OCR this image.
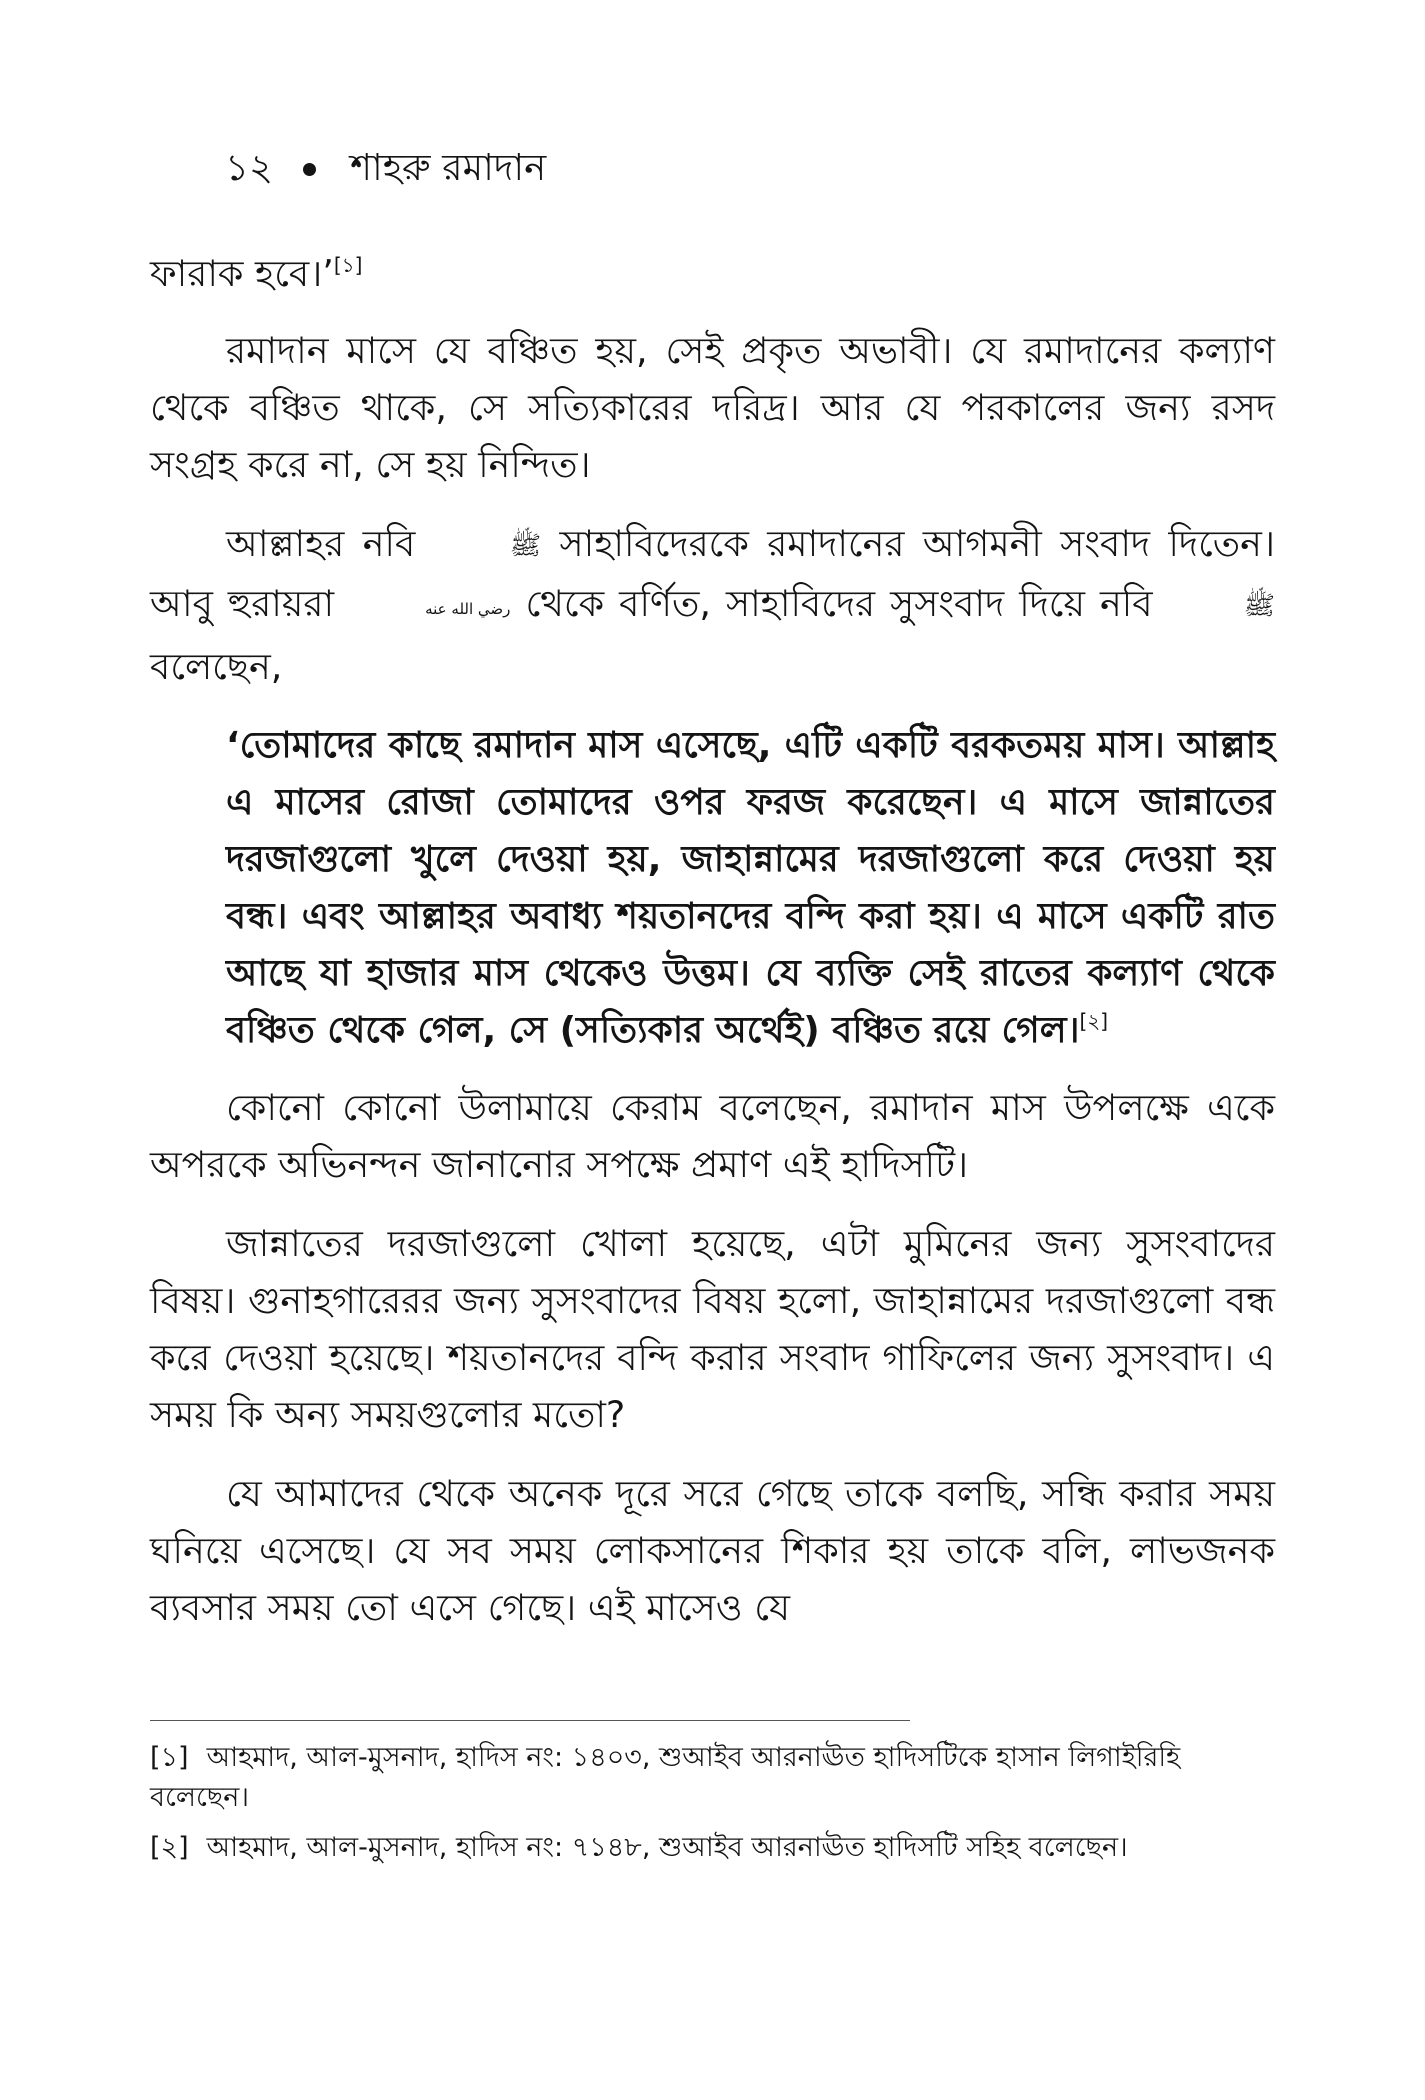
১২ শাহরু রমাদান

ফারাক হবে।’[১]

রমাদান মাসে যে বঞ্চিত হয়, সেই প্রকৃত অভাবী। যে রমাদানের কল্যাণ থেকে বঞ্চিত থাকে, সে সত্যিকারের দরিদ্র। আর যে পরকালের জন্য রসদ সংগ্রহ করে না, সে হয় নিন্দিত।

আল্লাহর নবি	ﷺ সাহাবিদেরকে রমাদানের আগমনী সংবাদ দিতেন। আবু হুরায়রা	رضي الله عنه থেকে বর্ণিত, সাহাবিদের সুসংবাদ দিয়ে নবি	ﷺ বলেছেন,

‘তোমাদের কাছে রমাদান মাস এসেছে, এটি একটি বরকতময় মাস। আল্লাহ এ মাসের রোজা তোমাদের ওপর ফরজ করেছেন। এ মাসে জান্নাতের দরজাগুলো খুলে দেওয়া হয়, জাহান্নামের দরজাগুলো করে দেওয়া হয় বন্ধ। এবং আল্লাহর অবাধ্য শয়তানদের বন্দি করা হয়। এ মাসে একটি রাত আছে যা হাজার মাস থেকেও উত্তম। যে ব্যক্তি সেই রাতের কল্যাণ থেকে বঞ্চিত থেকে গেল, সে (সত্যিকার অর্থেই) বঞ্চিত রয়ে গেল।[২]

কোনো কোনো উলামায়ে কেরাম বলেছেন, রমাদান মাস উপলক্ষে একে অপরকে অভিনন্দন জানানোর সপক্ষে প্রমাণ এই হাদিসটি।

জান্নাতের দরজাগুলো খোলা হয়েছে, এটা মুমিনের জন্য সুসংবাদের বিষয়। গুনাহগারেরর জন্য সুসংবাদের বিষয় হলো, জাহান্নামের দরজাগুলো বন্ধ করে দেওয়া হয়েছে। শয়তানদের বন্দি করার সংবাদ গাফিলের জন্য সুসংবাদ। এ সময় কি অন্য সময়গুলোর মতো?

যে আমাদের থেকে অনেক দূরে সরে গেছে তাকে বলছি, সন্ধি করার সময় ঘনিয়ে এসেছে। যে সব সময় লোকসানের শিকার হয় তাকে বলি, লাভজনক ব্যবসার সময় তো এসে গেছে। এই মাসেও যে

[১] আহমাদ, আল-মুসনাদ, হাদিস নং: ১৪০৩, শুআইব আরনাঊত হাদিসটিকে হাসান লিগাইরিহি বলেছেন।
[২] আহমাদ, আল-মুসনাদ, হাদিস নং: ৭১৪৮, শুআইব আরনাঊত হাদিসটি সহিহ বলেছেন।
